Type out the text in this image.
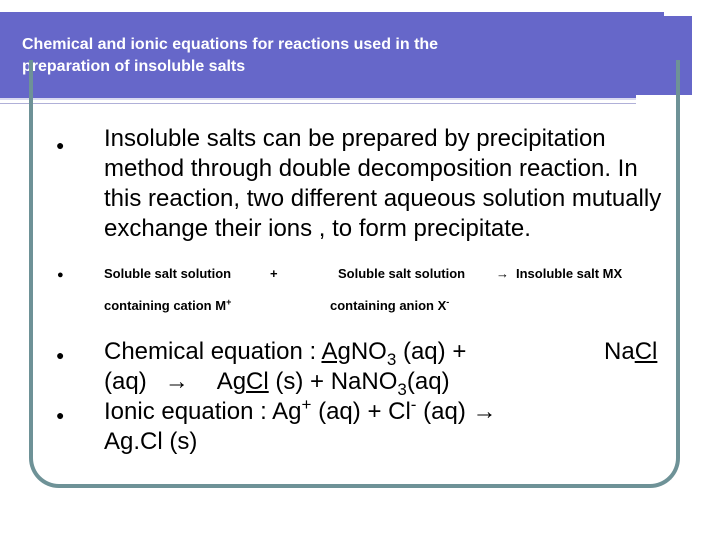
Chemical and ionic equations for reactions used in the
preparation of insoluble salts
● Insoluble salts can be prepared by precipitation method through double decomposition reaction. In this reaction, two different aqueous solution mutually exchange their ions , to form precipitate.
●	Soluble salt solution	+	Soluble salt solution → Insoluble salt MX
containing cation M+	containing anion X-
● Chemical equation : AgNO$_3$ (aq) +	NaCl
(aq) → AgCl (s) + NaNO$_3$(aq)
● Ionic equation : Ag+ (aq) + Cl- (aq) →
Ag.Cl (s)
